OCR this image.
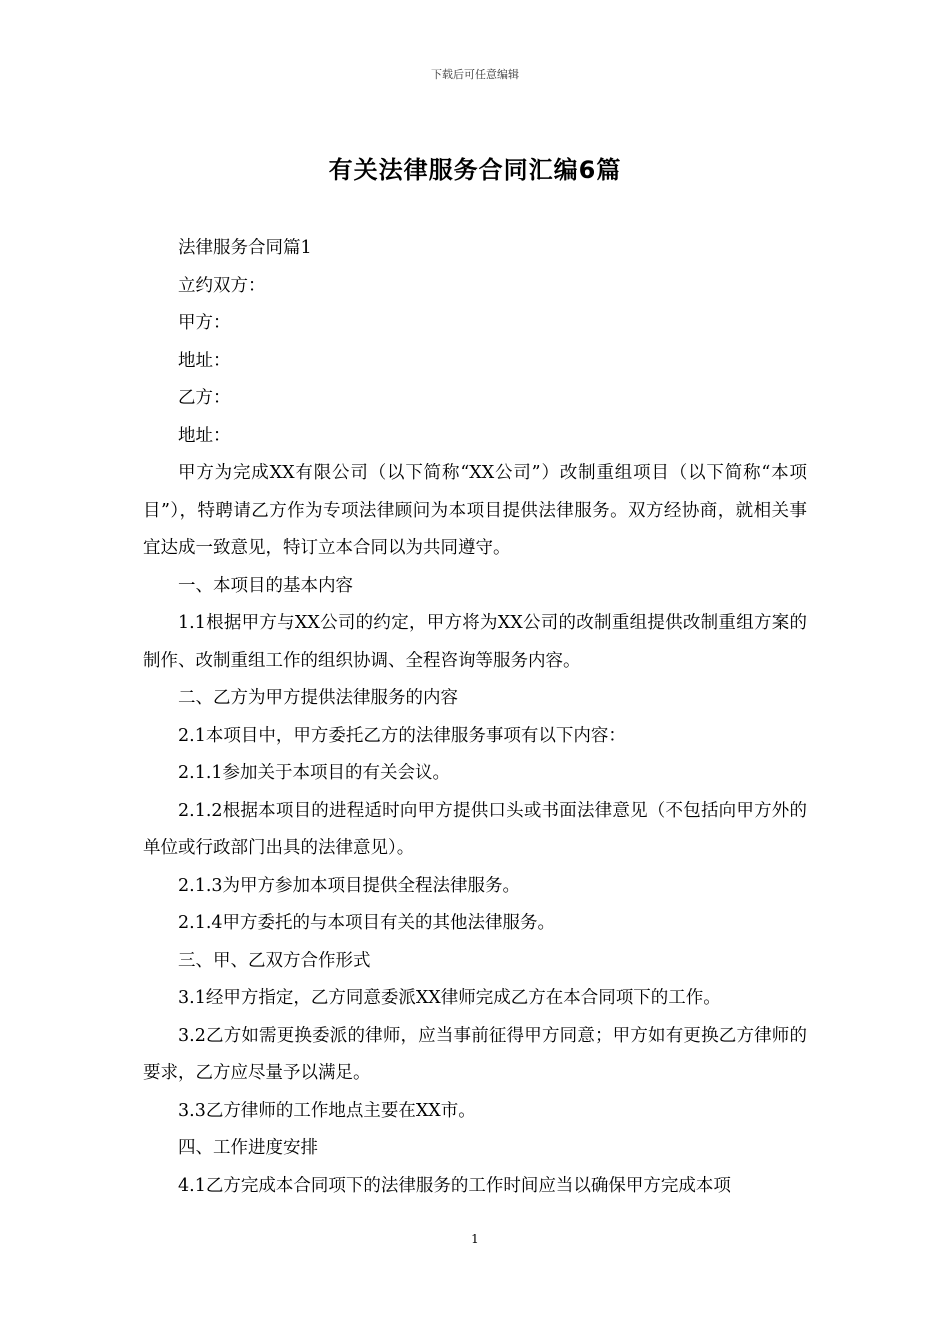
下载后可任意编辑
有关法律服务合同汇编6篇

法律服务合同篇1

立约双方：

甲方：

地址：

乙方：

地址：

甲方为完成XX有限公司（以下简称“XX公司”）改制重组项目（以下简称“本项目”），特聘请乙方作为专项法律顾问为本项目提供法律服务。双方经协商，就相关事宜达成一致意见，特订立本合同以为共同遵守。

一、本项目的基本内容

1.1根据甲方与XX公司的约定，甲方将为XX公司的改制重组提供改制重组方案的制作、改制重组工作的组织协调、全程咨询等服务内容。

二、乙方为甲方提供法律服务的内容

2.1本项目中，甲方委托乙方的法律服务事项有以下内容：

2.1.1参加关于本项目的有关会议。

2.1.2根据本项目的进程适时向甲方提供口头或书面法律意见（不包括向甲方外的单位或行政部门出具的法律意见）。

2.1.3为甲方参加本项目提供全程法律服务。

2.1.4甲方委托的与本项目有关的其他法律服务。

三、甲、乙双方合作形式

3.1经甲方指定，乙方同意委派XX律师完成乙方在本合同项下的工作。

3.2乙方如需更换委派的律师，应当事前征得甲方同意；甲方如有更换乙方律师的要求，乙方应尽量予以满足。

3.3乙方律师的工作地点主要在XX市。

四、工作进度安排

4.1乙方完成本合同项下的法律服务的工作时间应当以确保甲方完成本项

1
